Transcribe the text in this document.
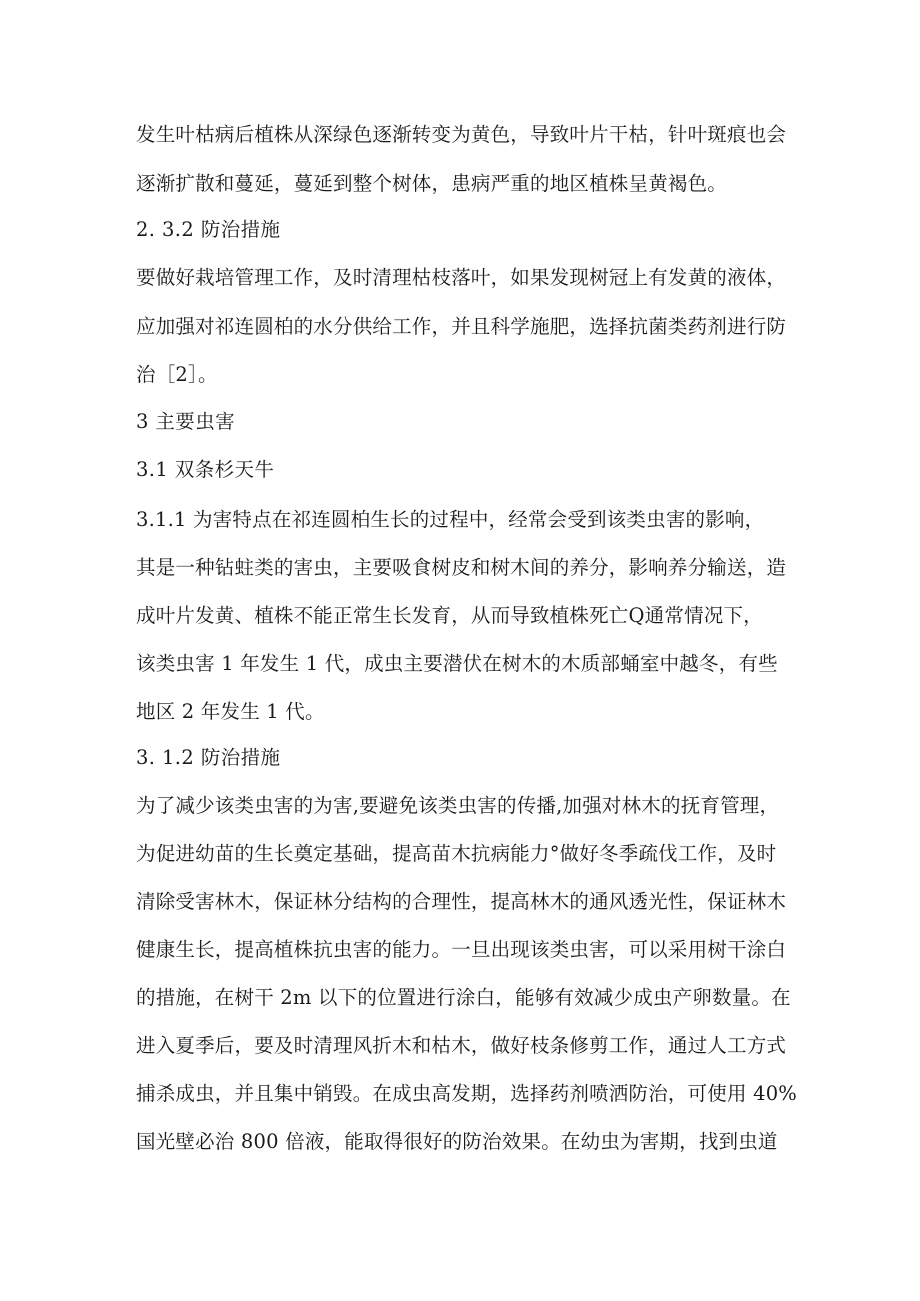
发生叶枯病后植株从深绿色逐渐转变为黄色，导致叶片干枯，针叶斑痕也会
逐渐扩散和蔓延，蔓延到整个树体，患病严重的地区植株呈黄褐色。
2. 3.2 防治措施
要做好栽培管理工作，及时清理枯枝落叶，如果发现树冠上有发黄的液体，
应加强对祁连圆柏的水分供给工作，并且科学施肥，选择抗菌类药剂进行防
治［2］。
3 主要虫害
3.1 双条杉天牛
3.1.1 为害特点在祁连圆柏生长的过程中，经常会受到该类虫害的影响，
其是一种钻蛀类的害虫，主要吸食树皮和树木间的养分，影响养分输送，造
成叶片发黄、植株不能正常生长发育，从而导致植株死亡Q通常情况下，
该类虫害 1 年发生 1 代，成虫主要潜伏在树木的木质部蛹室中越冬，有些
地区 2 年发生 1 代。
3. 1.2 防治措施
为了减少该类虫害的为害,要避免该类虫害的传播,加强对林木的抚育管理，
为促进幼苗的生长奠定基础，提高苗木抗病能力°做好冬季疏伐工作，及时
清除受害林木，保证林分结构的合理性，提高林木的通风透光性，保证林木
健康生长，提高植株抗虫害的能力。一旦出现该类虫害，可以采用树干涂白
的措施，在树干 2m 以下的位置进行涂白，能够有效减少成虫产卵数量。在
进入夏季后，要及时清理风折木和枯木，做好枝条修剪工作，通过人工方式
捕杀成虫，并且集中销毁。在成虫高发期，选择药剂喷洒防治，可使用 40%
国光壁必治 800 倍液，能取得很好的防治效果。在幼虫为害期，找到虫道
